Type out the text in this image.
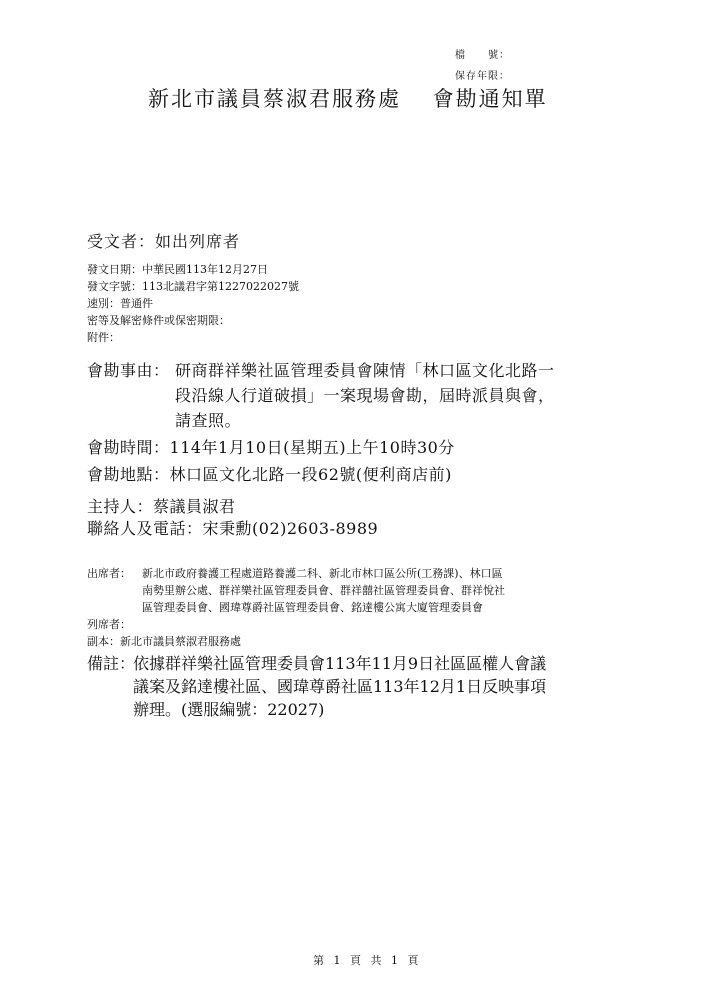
檔　　號：
保存年限：
新北市議員蔡淑君服務處　 會勘通知單
受文者： 如出列席者
發文日期： 中華民國113年12月27日
發文字號： 113北議君字第1227022027號
速別： 普通件
密等及解密條件或保密期限：
附件：
會勘事由： 研商群祥樂社區管理委員會陳情「林口區文化北路一
段沿線人行道破損」一案現場會勘，屆時派員與會，
請查照。
會勘時間： 114年1月10日(星期五)上午10時30分
會勘地點： 林口區文化北路一段62號(便利商店前)
主持人： 蔡議員淑君
聯絡人及電話： 宋秉勳(02)2603-8989
出席者： 新北市政府養護工程處道路養護二科、新北市林口區公所(工務課)、林口區
南勢里辦公處、群祥樂社區管理委員會、群祥囍社區管理委員會、群祥悅社
區管理委員會、國瑋尊爵社區管理委員會、銘達樓公寓大廈管理委員會
列席者：
副本： 新北市議員蔡淑君服務處
備註：
依據群祥樂社區管理委員會113年11月9日社區區權人會議
議案及銘達樓社區、國瑋尊爵社區113年12月1日反映事項
辦理。(選服編號：22027)
第 1 頁 共 1 頁
